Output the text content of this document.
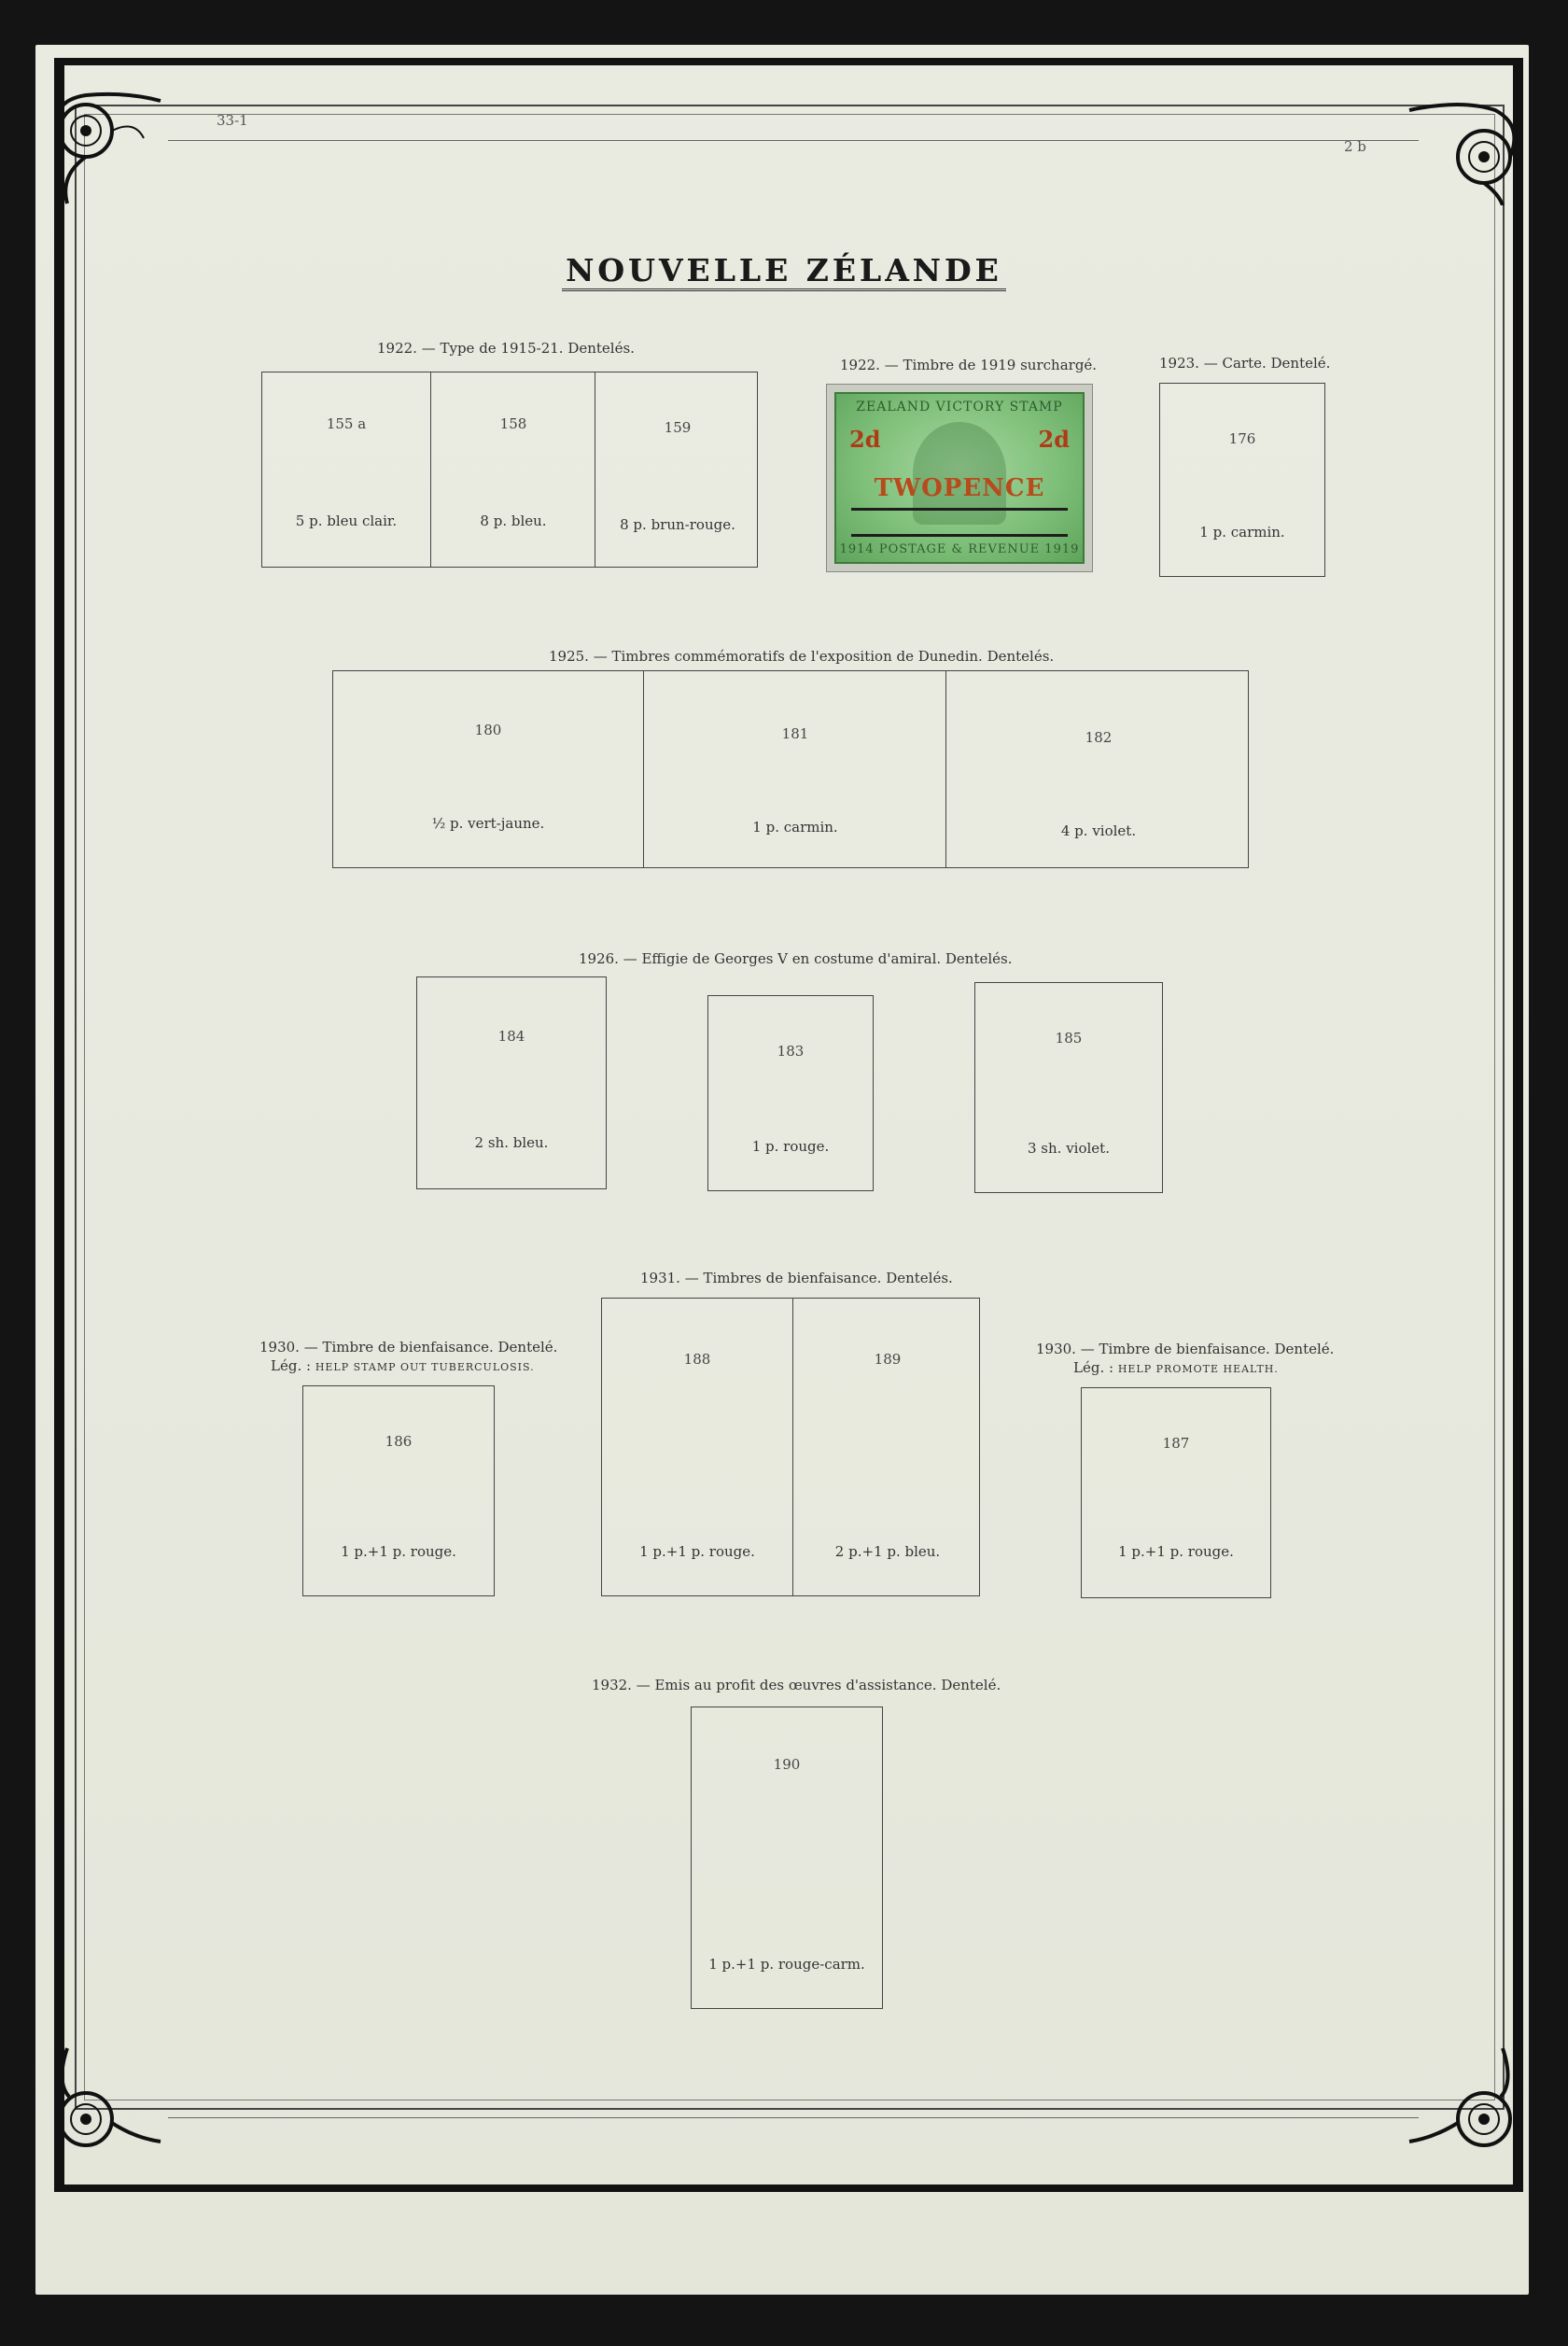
33-1
2 b
NOUVELLE ZÉLANDE
1922. — Type de 1915-21. Dentelés.
155 a
5 p. bleu clair.
158
8 p. bleu.
159
8 p. brun-rouge.
1922. — Timbre de 1919 surchargé.
ZEALAND VICTORY STAMP
2d	2d
TWOPENCE
1914 POSTAGE & REVENUE 1919
1923. — Carte. Dentelé.
176
1 p. carmin.
1925. — Timbres commémoratifs de l'exposition de Dunedin. Dentelés.
180
½ p. vert-jaune.
181
1 p. carmin.
182
4 p. violet.
1926. — Effigie de Georges V en costume d'amiral. Dentelés.
184
2 sh. bleu.
183
1 p. rouge.
185
3 sh. violet.
1931. — Timbres de bienfaisance. Dentelés.
188
1 p.+1 p. rouge.
189
2 p.+1 p. bleu.
1930. — Timbre de bienfaisance. Dentelé.
Lég. : HELP STAMP OUT TUBERCULOSIS.
186
1 p.+1 p. rouge.
1930. — Timbre de bienfaisance. Dentelé.
Lég. : HELP PROMOTE HEALTH.
187
1 p.+1 p. rouge.
1932. — Emis au profit des œuvres d'assistance. Dentelé.
190
1 p.+1 p. rouge-carm.
